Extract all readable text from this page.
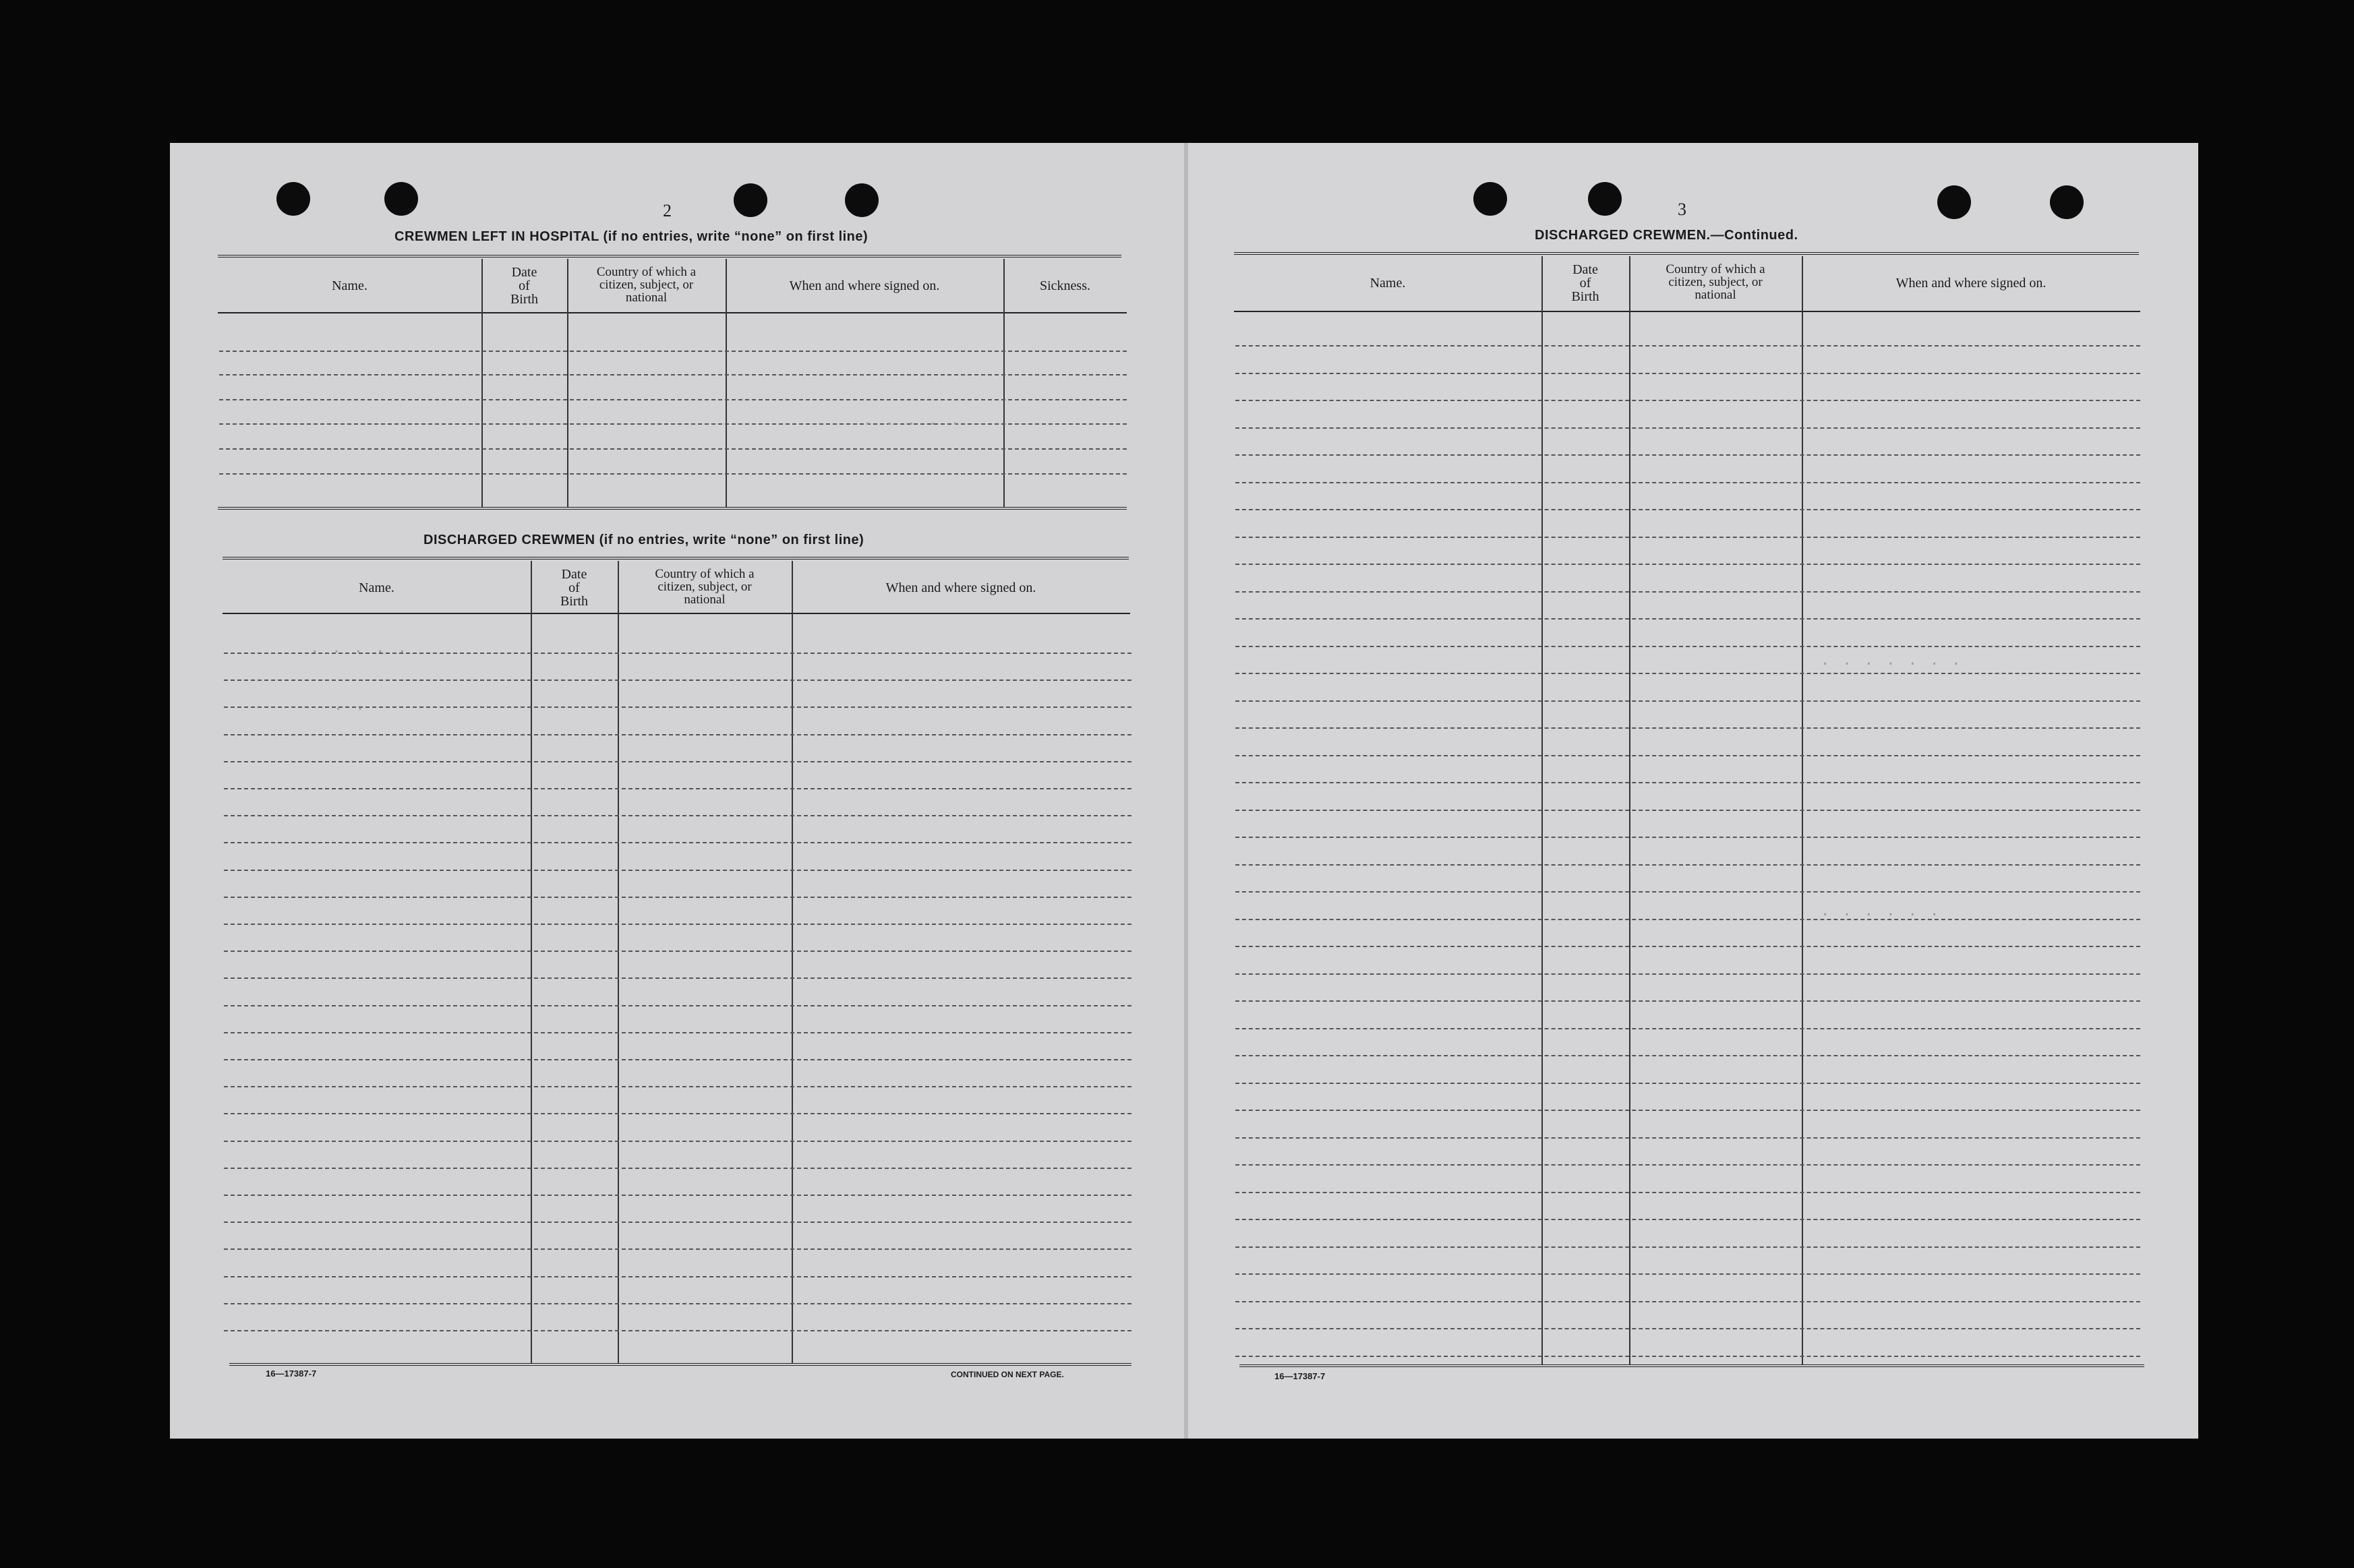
2
CREWMEN LEFT IN HOSPITAL (if no entries, write “none” on first line)
Name.
Date
of
Birth
Country of which a
citizen, subject, or
national
When and where signed on.	Sickness.
DISCHARGED CREWMEN (if no entries, write “none” on first line)
Name.
Date
of
Birth
Country of which a
citizen, subject, or
national
When and where signed on.
16—17387-7	CONTINUED ON NEXT PAGE.
. . . . .
. .
. . . . .
3
DISCHARGED CREWMEN.—Continued.
Name.
Date
of
Birth
Country of which a
citizen, subject, or
national
When and where signed on.
16—17387-7
. . . . . . .
. . . . . .
